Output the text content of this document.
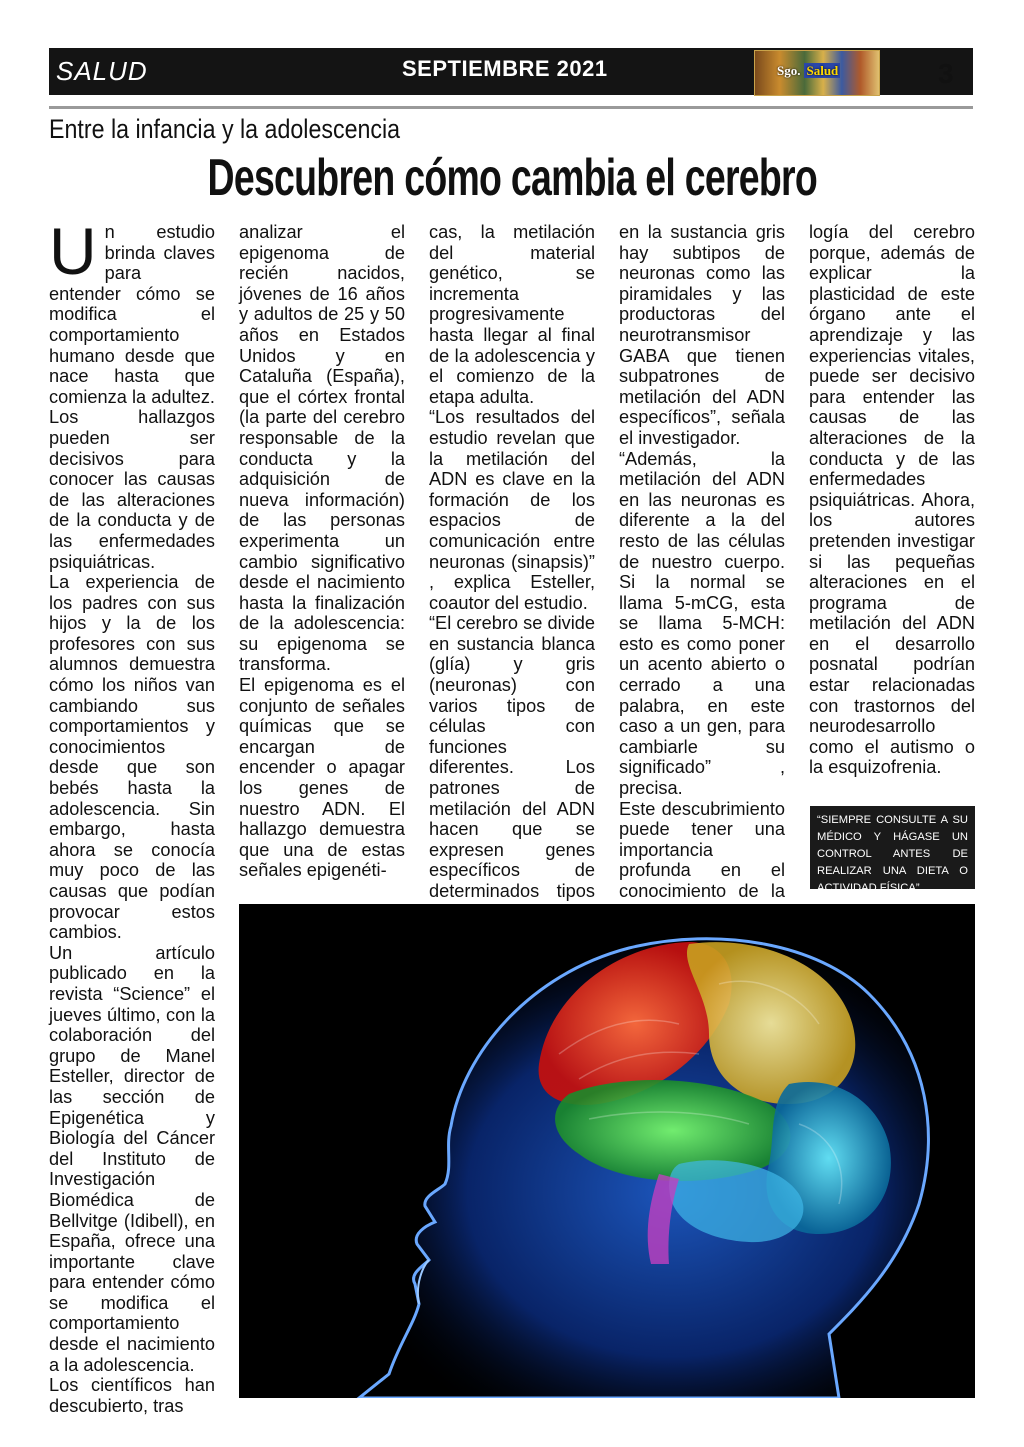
SALUD	SEPTIEMBRE 2021	Sgo. Salud	3
Entre la infancia y la adolescencia
Descubren cómo cambia el cerebro

Un estudio brinda claves para entender cómo se modifica el comportamiento humano desde que nace hasta que comienza la adultez. Los hallazgos pueden ser decisivos para conocer las causas de las alteraciones de la conducta y de las enfermedades psiquiátricas.

La experiencia de los padres con sus hijos y la de los profesores con sus alumnos demuestra cómo los niños van cambiando sus comportamientos y conocimientos desde que son bebés hasta la adolescencia. Sin embargo, hasta ahora se conocía muy poco de las causas que podían provocar estos cambios.

Un artículo publicado en la revista “Science” el jueves último, con la colaboración del grupo de Manel Esteller, director de las sección de Epigenética y Biología del Cáncer del Instituto de Investigación Biomédica de Bellvitge (Idibell), en España, ofrece una importante clave para entender cómo se modifica el comportamiento desde el nacimiento a la adolescencia.

Los científicos han descubierto, tras

analizar el epigenoma de recién nacidos, jóvenes de 16 años y adultos de 25 y 50 años en Estados Unidos y en Cataluña (España), que el córtex frontal (la parte del cerebro responsable de la conducta y la adquisición de nueva información) de las personas experimenta un cambio significativo desde el nacimiento hasta la finalización de la adolescencia: su epigenoma se transforma.

El epigenoma es el conjunto de señales químicas que se encargan de encender o apagar los genes de nuestro ADN. El hallazgo demuestra que una de estas señales epigenéti-

cas, la metilación del material genético, se incrementa progresivamente hasta llegar al final de la adolescencia y el comienzo de la etapa adulta.

“Los resultados del estudio revelan que la metilación del ADN es clave en la formación de los espacios de comunicación entre neuronas (sinapsis)” , explica Esteller, coautor del estudio.

“El cerebro se divide en sustancia blanca (glía) y gris (neuronas) con varios tipos de células con funciones diferentes. Los patrones de metilación del ADN hacen que se expresen genes específicos de determinados tipos

en la sustancia gris hay subtipos de neuronas como las piramidales y las productoras del neurotransmisor GABA que tienen subpatrones de metilación del ADN específicos”, señala el investigador.

“Además, la metilación del ADN en las neuronas es diferente a la del resto de las células de nuestro cuerpo. Si la normal se llama 5-mCG, esta se llama 5-MCH: esto es como poner un acento abierto o cerrado a una palabra, en este caso a un gen, para cambiarle su significado” , precisa.

Este descubrimiento puede tener una importancia profunda en el conocimiento de la

logía del cerebro porque, además de explicar la plasticidad de este órgano ante el aprendizaje y las experiencias vitales, puede ser decisivo para entender las causas de las alteraciones de la conducta y de las enfermedades psiquiátricas. Ahora, los autores pretenden investigar si las pequeñas alteraciones en el programa de metilación del ADN en el desarrollo posnatal podrían estar relacionadas con trastornos del neurodesarrollo como el autismo o la esquizofrenia.

“SIEMPRE CONSULTE A SU MÉDICO Y HÁGASE UN CONTROL ANTES DE REALIZAR UNA DIETA O ACTIVIDAD FÍSICA”
